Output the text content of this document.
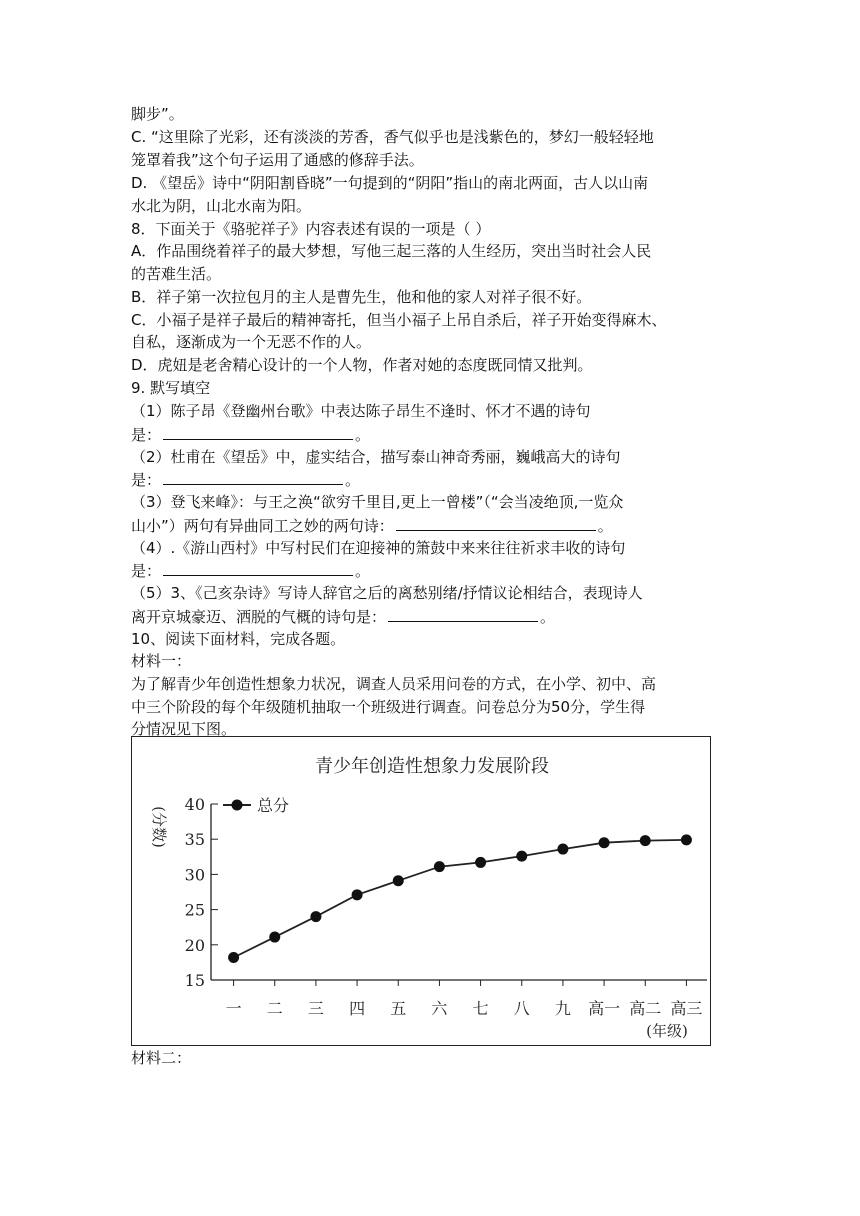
脚步”。
C. “这里除了光彩，还有淡淡的芳香，香气似乎也是浅紫色的，梦幻一般轻轻地
笼罩着我”这个句子运用了通感的修辞手法。
D. 《望岳》诗中“阴阳割昏晓”一句提到的“阴阳”指山的南北两面，古人以山南
水北为阴，山北水南为阳。
8．下面关于《骆驼祥子》内容表述有误的一项是（ ）
A．作品围绕着祥子的最大梦想，写他三起三落的人生经历，突出当时社会人民
的苦难生活。
B．祥子第一次拉包月的主人是曹先生，他和他的家人对祥子很不好。
C．小福子是祥子最后的精神寄托，但当小福子上吊自杀后，祥子开始变得麻木、
自私，逐渐成为一个无恶不作的人。
D．虎妞是老舍精心设计的一个人物，作者对她的态度既同情又批判。
9. 默写填空
（1）陈子昂《登幽州台歌》中表达陈子昂生不逢时、怀才不遇的诗句
是：	。
（2）杜甫在《望岳》中，虚实结合，描写泰山神奇秀丽，巍峨高大的诗句
是：	。
（3）登飞来峰》：与王之涣“欲穷千里目,更上一曾楼”（“会当凌绝顶,一览众
山小”）两句有异曲同工之妙的两句诗：	。
（4）.《游山西村》中写村民们在迎接神的箫鼓中来来往往祈求丰收的诗句
是：	。
（5）3、《己亥杂诗》写诗人辞官之后的离愁别绪/抒情议论相结合，表现诗人
离开京城豪迈、洒脱的气概的诗句是：	。
10、阅读下面材料，完成各题。
材料一：
为了解青少年创造性想象力状况，调查人员采用问卷的方式，在小学、初中、高
中三个阶段的每个年级随机抽取一个班级进行调查。问卷总分为50分，学生得
分情况见下图。
青少年创造性想象力发展阶段
(分数)
(年级)
总分
15
20
25
30
35
40
一 二 三 四 五 六 七 八 九 高一 高二 高三
材料二：
